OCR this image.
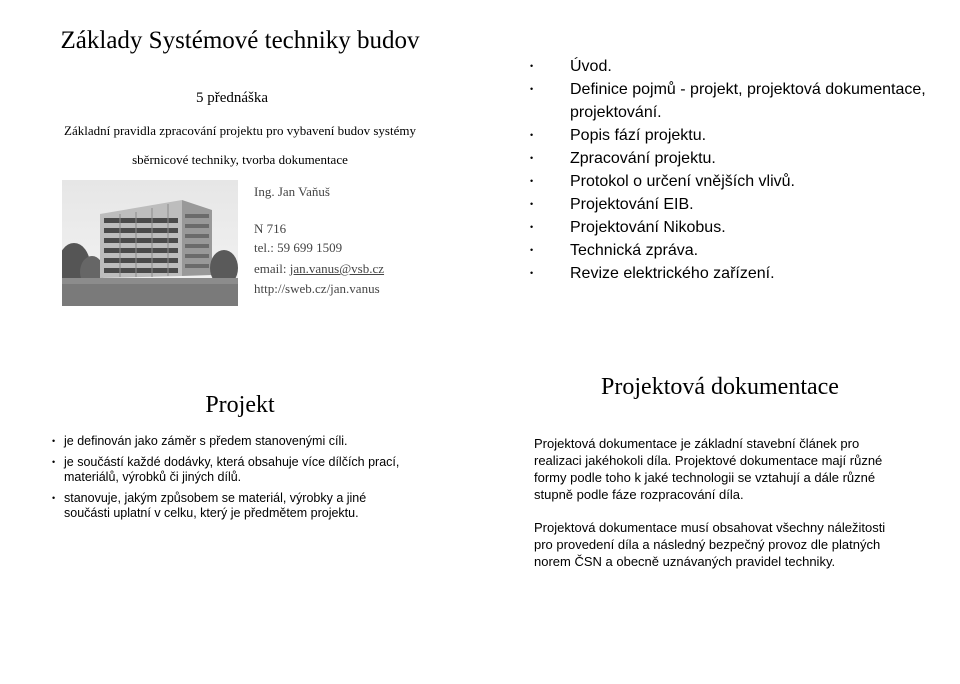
Základy Systémové techniky budov
5 přednáška
Základní pravidla zpracování projektu pro vybavení budov systémy
sběrnicové techniky, tvorba dokumentace
Ing. Jan Vaňuš
N 716
tel.: 59 699 1509
email: jan.vanus@vsb.cz
http://sweb.cz/jan.vanus
• Úvod.
• Definice pojmů - projekt, projektová dokumentace, projektování.
• Popis fází projektu.
• Zpracování projektu.
• Protokol o určení vnějších vlivů.
• Projektování EIB.
• Projektování Nikobus.
• Technická zpráva.
• Revize elektrického zařízení.
Projekt
• je definován jako záměr s předem stanovenými cíli.
• je součástí každé dodávky, která obsahuje více dílčích prací, materiálů, výrobků či jiných dílů.
• stanovuje, jakým způsobem se materiál, výrobky a jiné součásti uplatní v celku, který je předmětem projektu.
Projektová dokumentace
Projektová dokumentace je základní stavební článek pro realizaci jakéhokoli díla. Projektové dokumentace mají různé formy podle toho k jaké technologii se vztahují a dále různé stupně podle fáze rozpracování díla.
Projektová dokumentace musí obsahovat všechny náležitosti pro provedení díla a následný bezpečný provoz dle platných norem ČSN a obecně uznávaných pravidel techniky.
